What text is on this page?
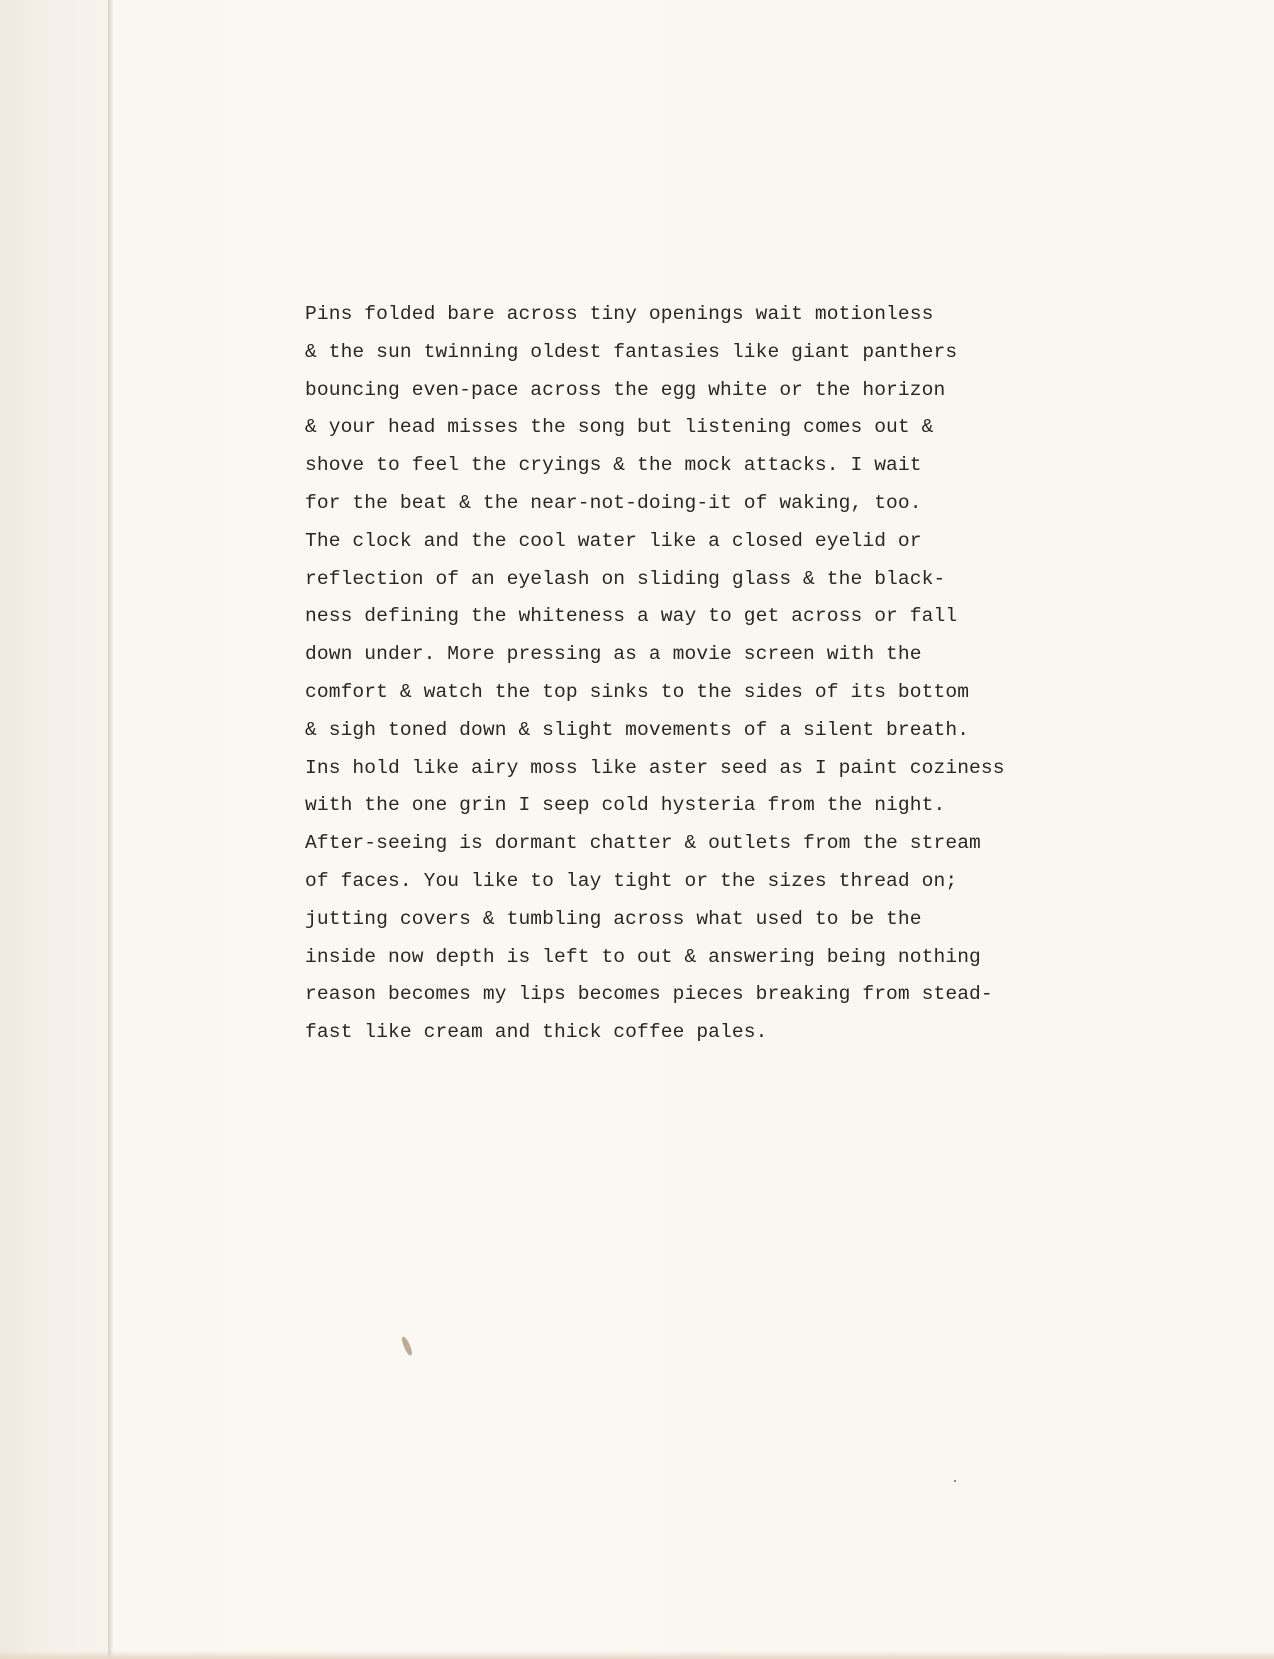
Pins folded bare across tiny openings wait motionless
& the sun twinning oldest fantasies like giant panthers
bouncing even-pace across the egg white or the horizon
& your head misses the song but listening comes out &
shove to feel the cryings & the mock attacks. I wait
for the beat & the near-not-doing-it of waking, too.
The clock and the cool water like a closed eyelid or
reflection of an eyelash on sliding glass & the black-
ness defining the whiteness a way to get across or fall
down under. More pressing as a movie screen with the
comfort & watch the top sinks to the sides of its bottom
& sigh toned down & slight movements of a silent breath.
Ins hold like airy moss like aster seed as I paint coziness
with the one grin I seep cold hysteria from the night.
After-seeing is dormant chatter & outlets from the stream
of faces. You like to lay tight or the sizes thread on;
jutting covers & tumbling across what used to be the
inside now depth is left to out & answering being nothing
reason becomes my lips becomes pieces breaking from stead-
fast like cream and thick coffee pales.
